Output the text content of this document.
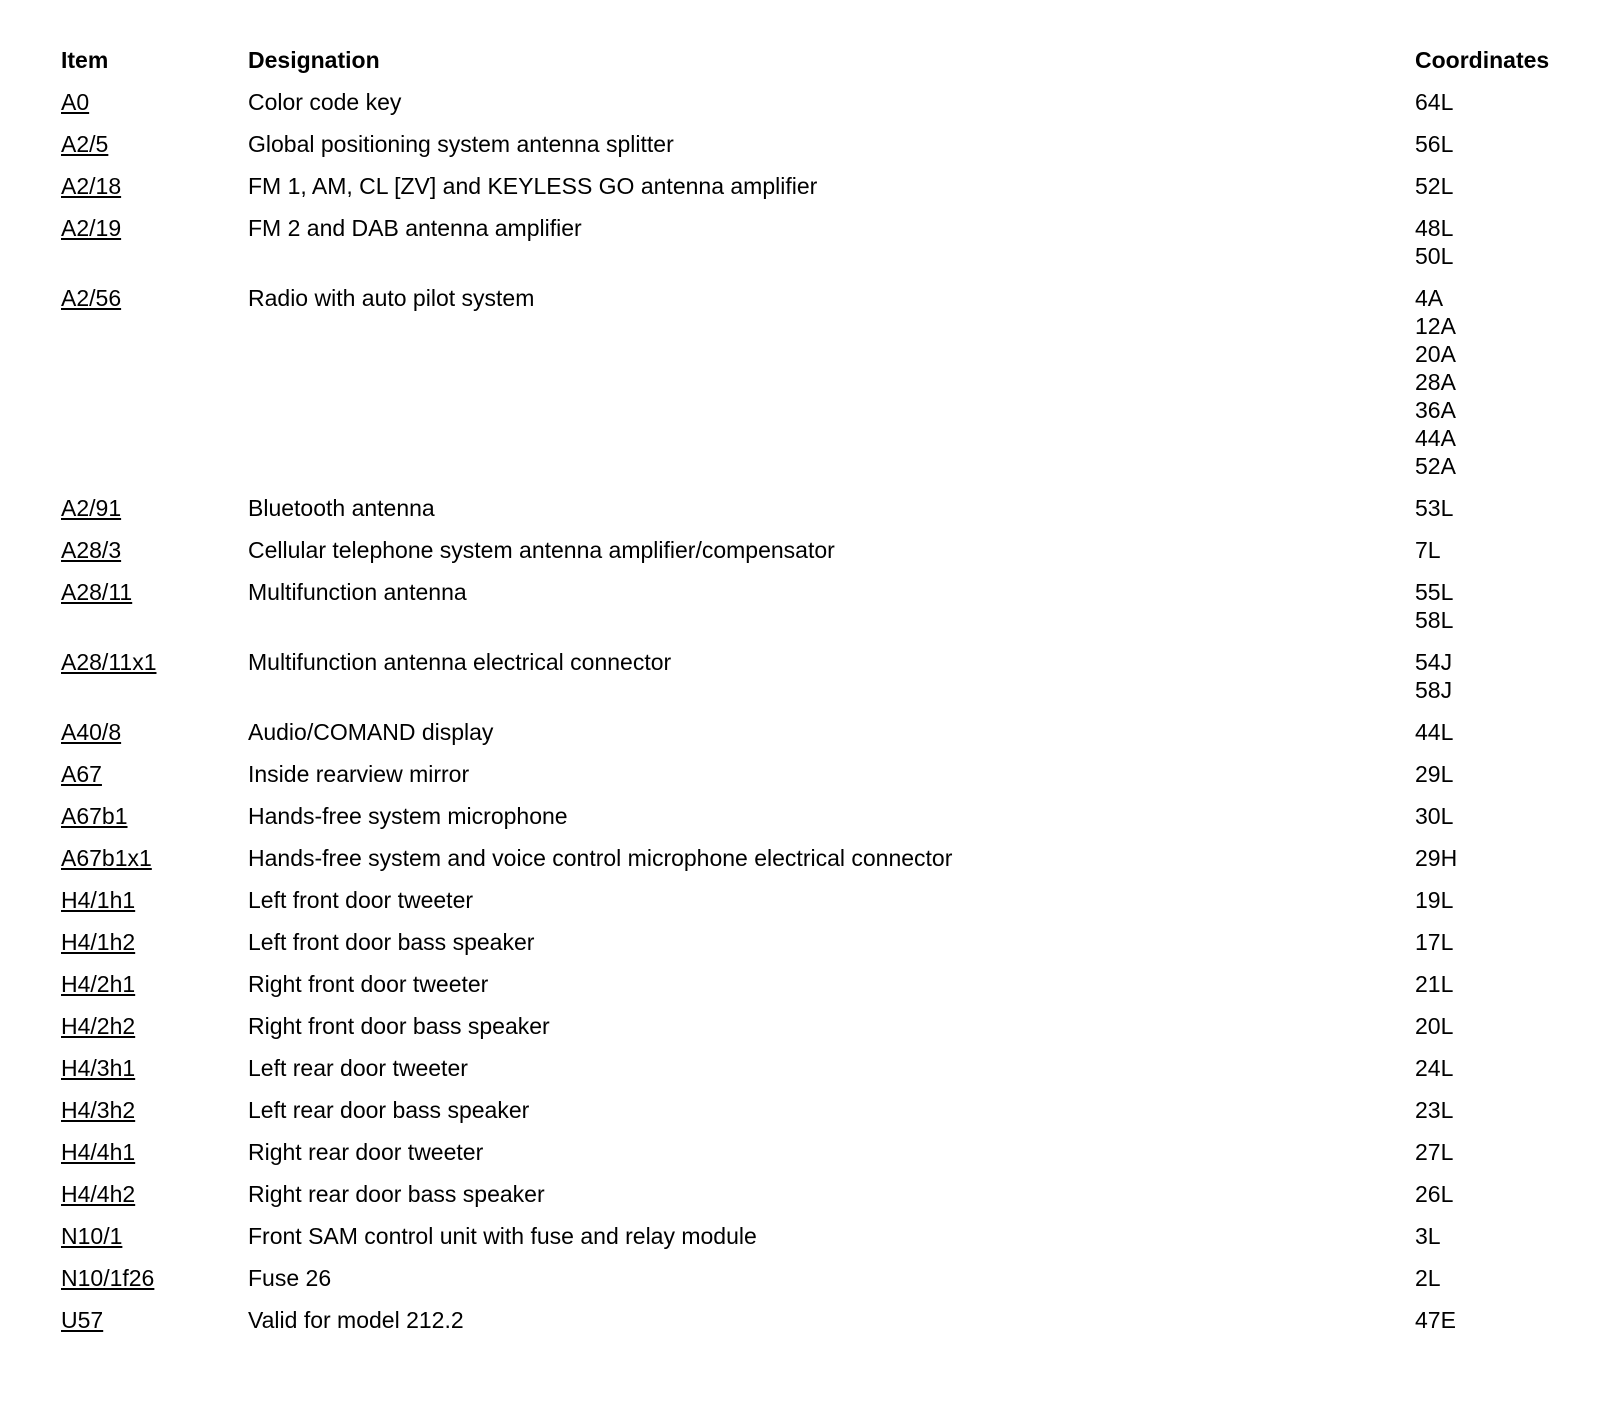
Item	Designation	Coordinates
A0	Color code key	64L
A2/5	Global positioning system antenna splitter	56L
A2/18	FM 1, AM, CL [ZV] and KEYLESS GO antenna amplifier	52L
A2/19	FM 2 and DAB antenna amplifier	48L
50L
A2/56	Radio with auto pilot system	4A
12A
20A
28A
36A
44A
52A
A2/91	Bluetooth antenna	53L
A28/3	Cellular telephone system antenna amplifier/compensator	7L
A28/11	Multifunction antenna	55L
58L
A28/11x1	Multifunction antenna electrical connector	54J
58J
A40/8	Audio/COMAND display	44L
A67	Inside rearview mirror	29L
A67b1	Hands-free system microphone	30L
A67b1x1	Hands-free system and voice control microphone electrical connector	29H
H4/1h1	Left front door tweeter	19L
H4/1h2	Left front door bass speaker	17L
H4/2h1	Right front door tweeter	21L
H4/2h2	Right front door bass speaker	20L
H4/3h1	Left rear door tweeter	24L
H4/3h2	Left rear door bass speaker	23L
H4/4h1	Right rear door tweeter	27L
H4/4h2	Right rear door bass speaker	26L
N10/1	Front SAM control unit with fuse and relay module	3L
N10/1f26	Fuse 26	2L
U57	Valid for model 212.2	47E
